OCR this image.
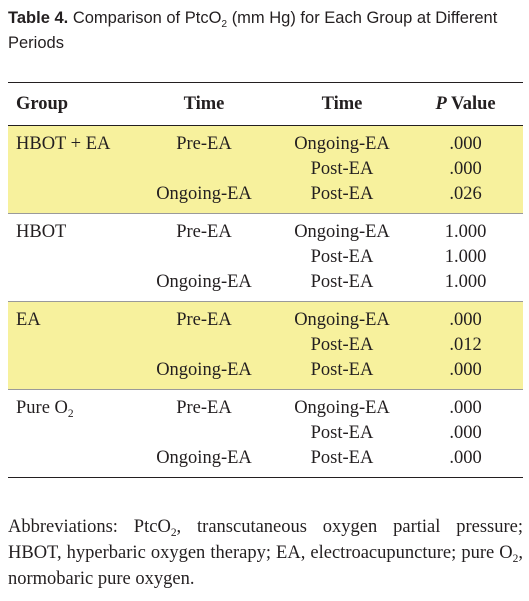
Table 4. Comparison of PtcO$_2$ (mm Hg) for Each Group at Different Periods
Group	Time	Time	P Value
HBOT + EA	Pre-EA	Ongoing-EA	.000
		Post-EA	.000
	Ongoing-EA	Post-EA	.026
HBOT	Pre-EA	Ongoing-EA	1.000
		Post-EA	1.000
	Ongoing-EA	Post-EA	1.000
EA	Pre-EA	Ongoing-EA	.000
		Post-EA	.012
	Ongoing-EA	Post-EA	.000
Pure $O_2$	Pre-EA	Ongoing-EA	.000
		Post-EA	.000
	Ongoing-EA	Post-EA	.000
Abbreviations: PtcO$_2$, transcutaneous oxygen partial pressure; HBOT, hyperbaric oxygen therapy; EA, electroacupuncture; pure $O_2$, normobaric pure oxygen.
